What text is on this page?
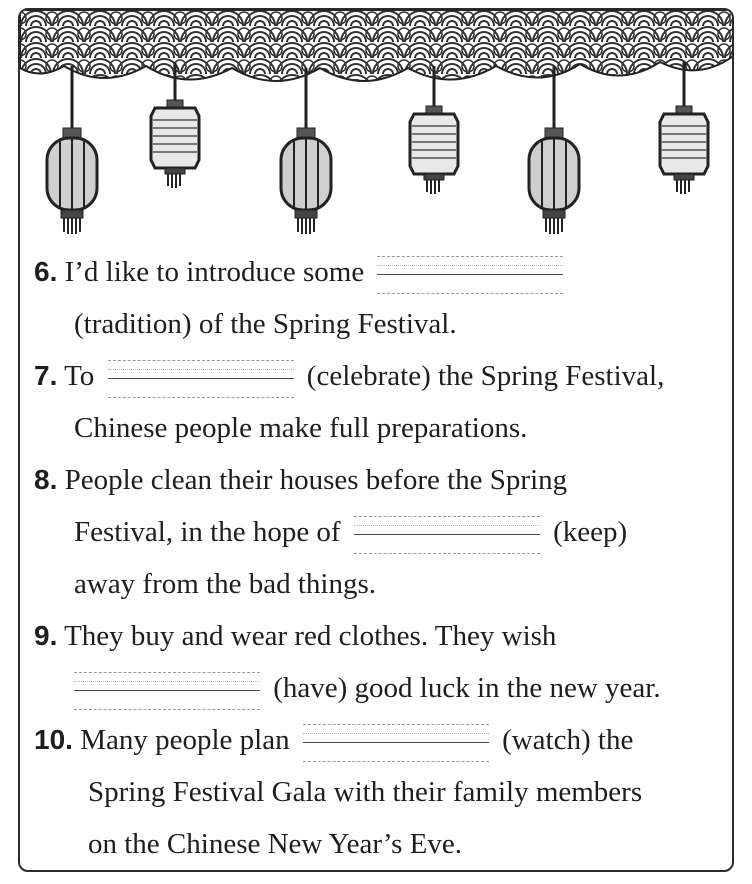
6. I’d like to introduce some
(tradition) of the Spring Festival.
7. To	(celebrate) the Spring Festival,
Chinese people make full preparations.
8. People clean their houses before the Spring
Festival, in the hope of	(keep)
away from the bad things.
9. They buy and wear red clothes. They wish
(have) good luck in the new year.
10. Many people plan	(watch) the
Spring Festival Gala with their family members
on the Chinese New Year’s Eve.
